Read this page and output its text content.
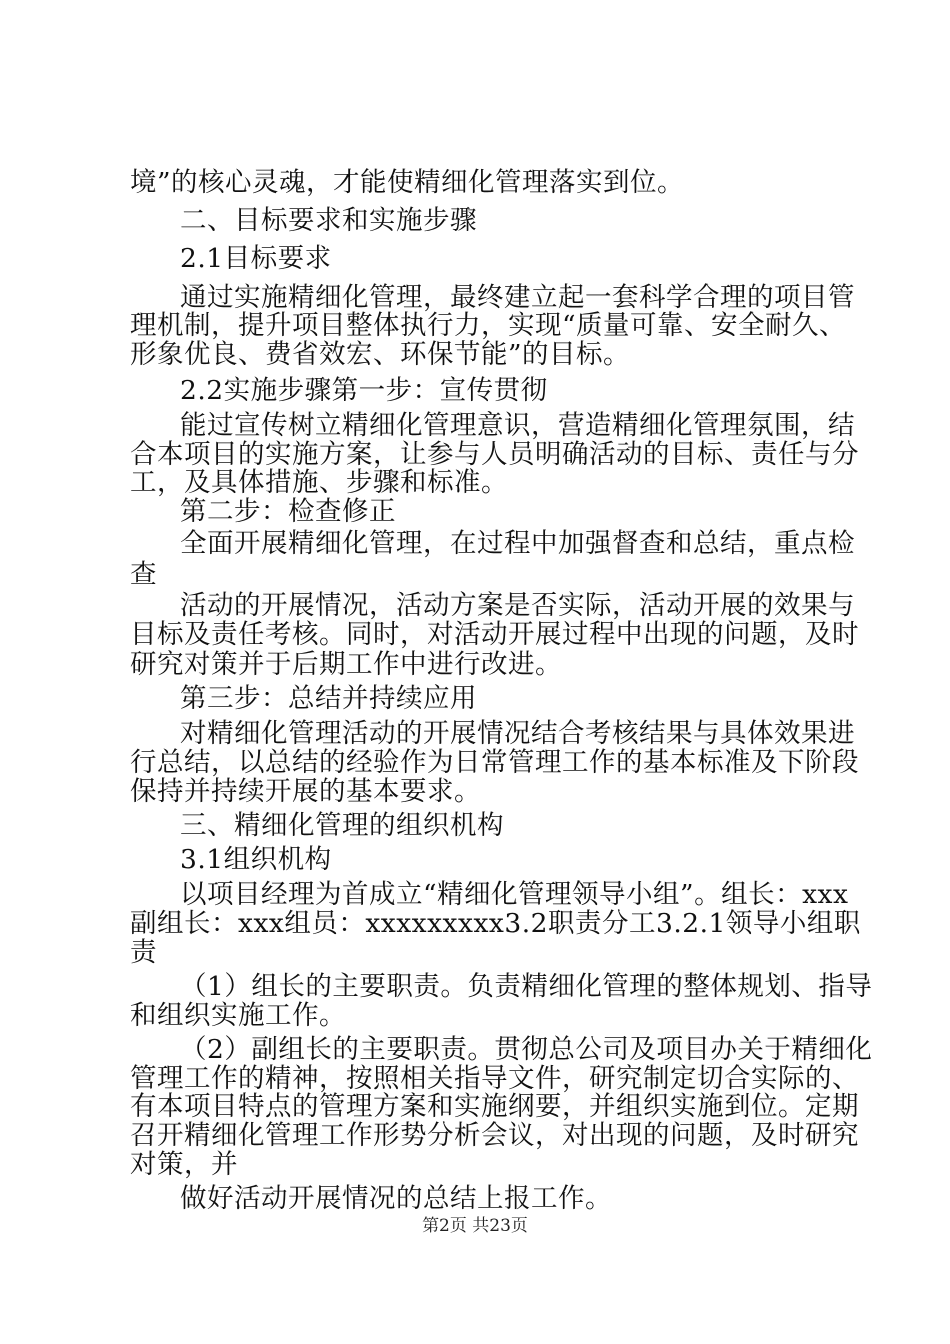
境”的核心灵魂，才能使精细化管理落实到位。
二、目标要求和实施步骤
2.1目标要求
通过实施精细化管理，最终建立起一套科学合理的项目管
理机制，提升项目整体执行力，实现“质量可靠、安全耐久、
形象优良、费省效宏、环保节能”的目标。
2.2实施步骤第一步：宣传贯彻
能过宣传树立精细化管理意识，营造精细化管理氛围，结
合本项目的实施方案，让参与人员明确活动的目标、责任与分
工，及具体措施、步骤和标准。
第二步：检查修正
全面开展精细化管理，在过程中加强督查和总结，重点检
查
活动的开展情况，活动方案是否实际，活动开展的效果与
目标及责任考核。同时，对活动开展过程中出现的问题，及时
研究对策并于后期工作中进行改进。
第三步：总结并持续应用
对精细化管理活动的开展情况结合考核结果与具体效果进
行总结，以总结的经验作为日常管理工作的基本标准及下阶段
保持并持续开展的基本要求。
三、精细化管理的组织机构
3.1组织机构
以项目经理为首成立“精细化管理领导小组”。组长：xxx
副组长：xxx组员：xxxxxxxxx3.2职责分工3.2.1领导小组职
责
（1）组长的主要职责。负责精细化管理的整体规划、指导
和组织实施工作。
（2）副组长的主要职责。贯彻总公司及项目办关于精细化
管理工作的精神，按照相关指导文件，研究制定切合实际的、
有本项目特点的管理方案和实施纲要，并组织实施到位。定期
召开精细化管理工作形势分析会议，对出现的问题，及时研究
对策，并
做好活动开展情况的总结上报工作。
第2页 共23页
